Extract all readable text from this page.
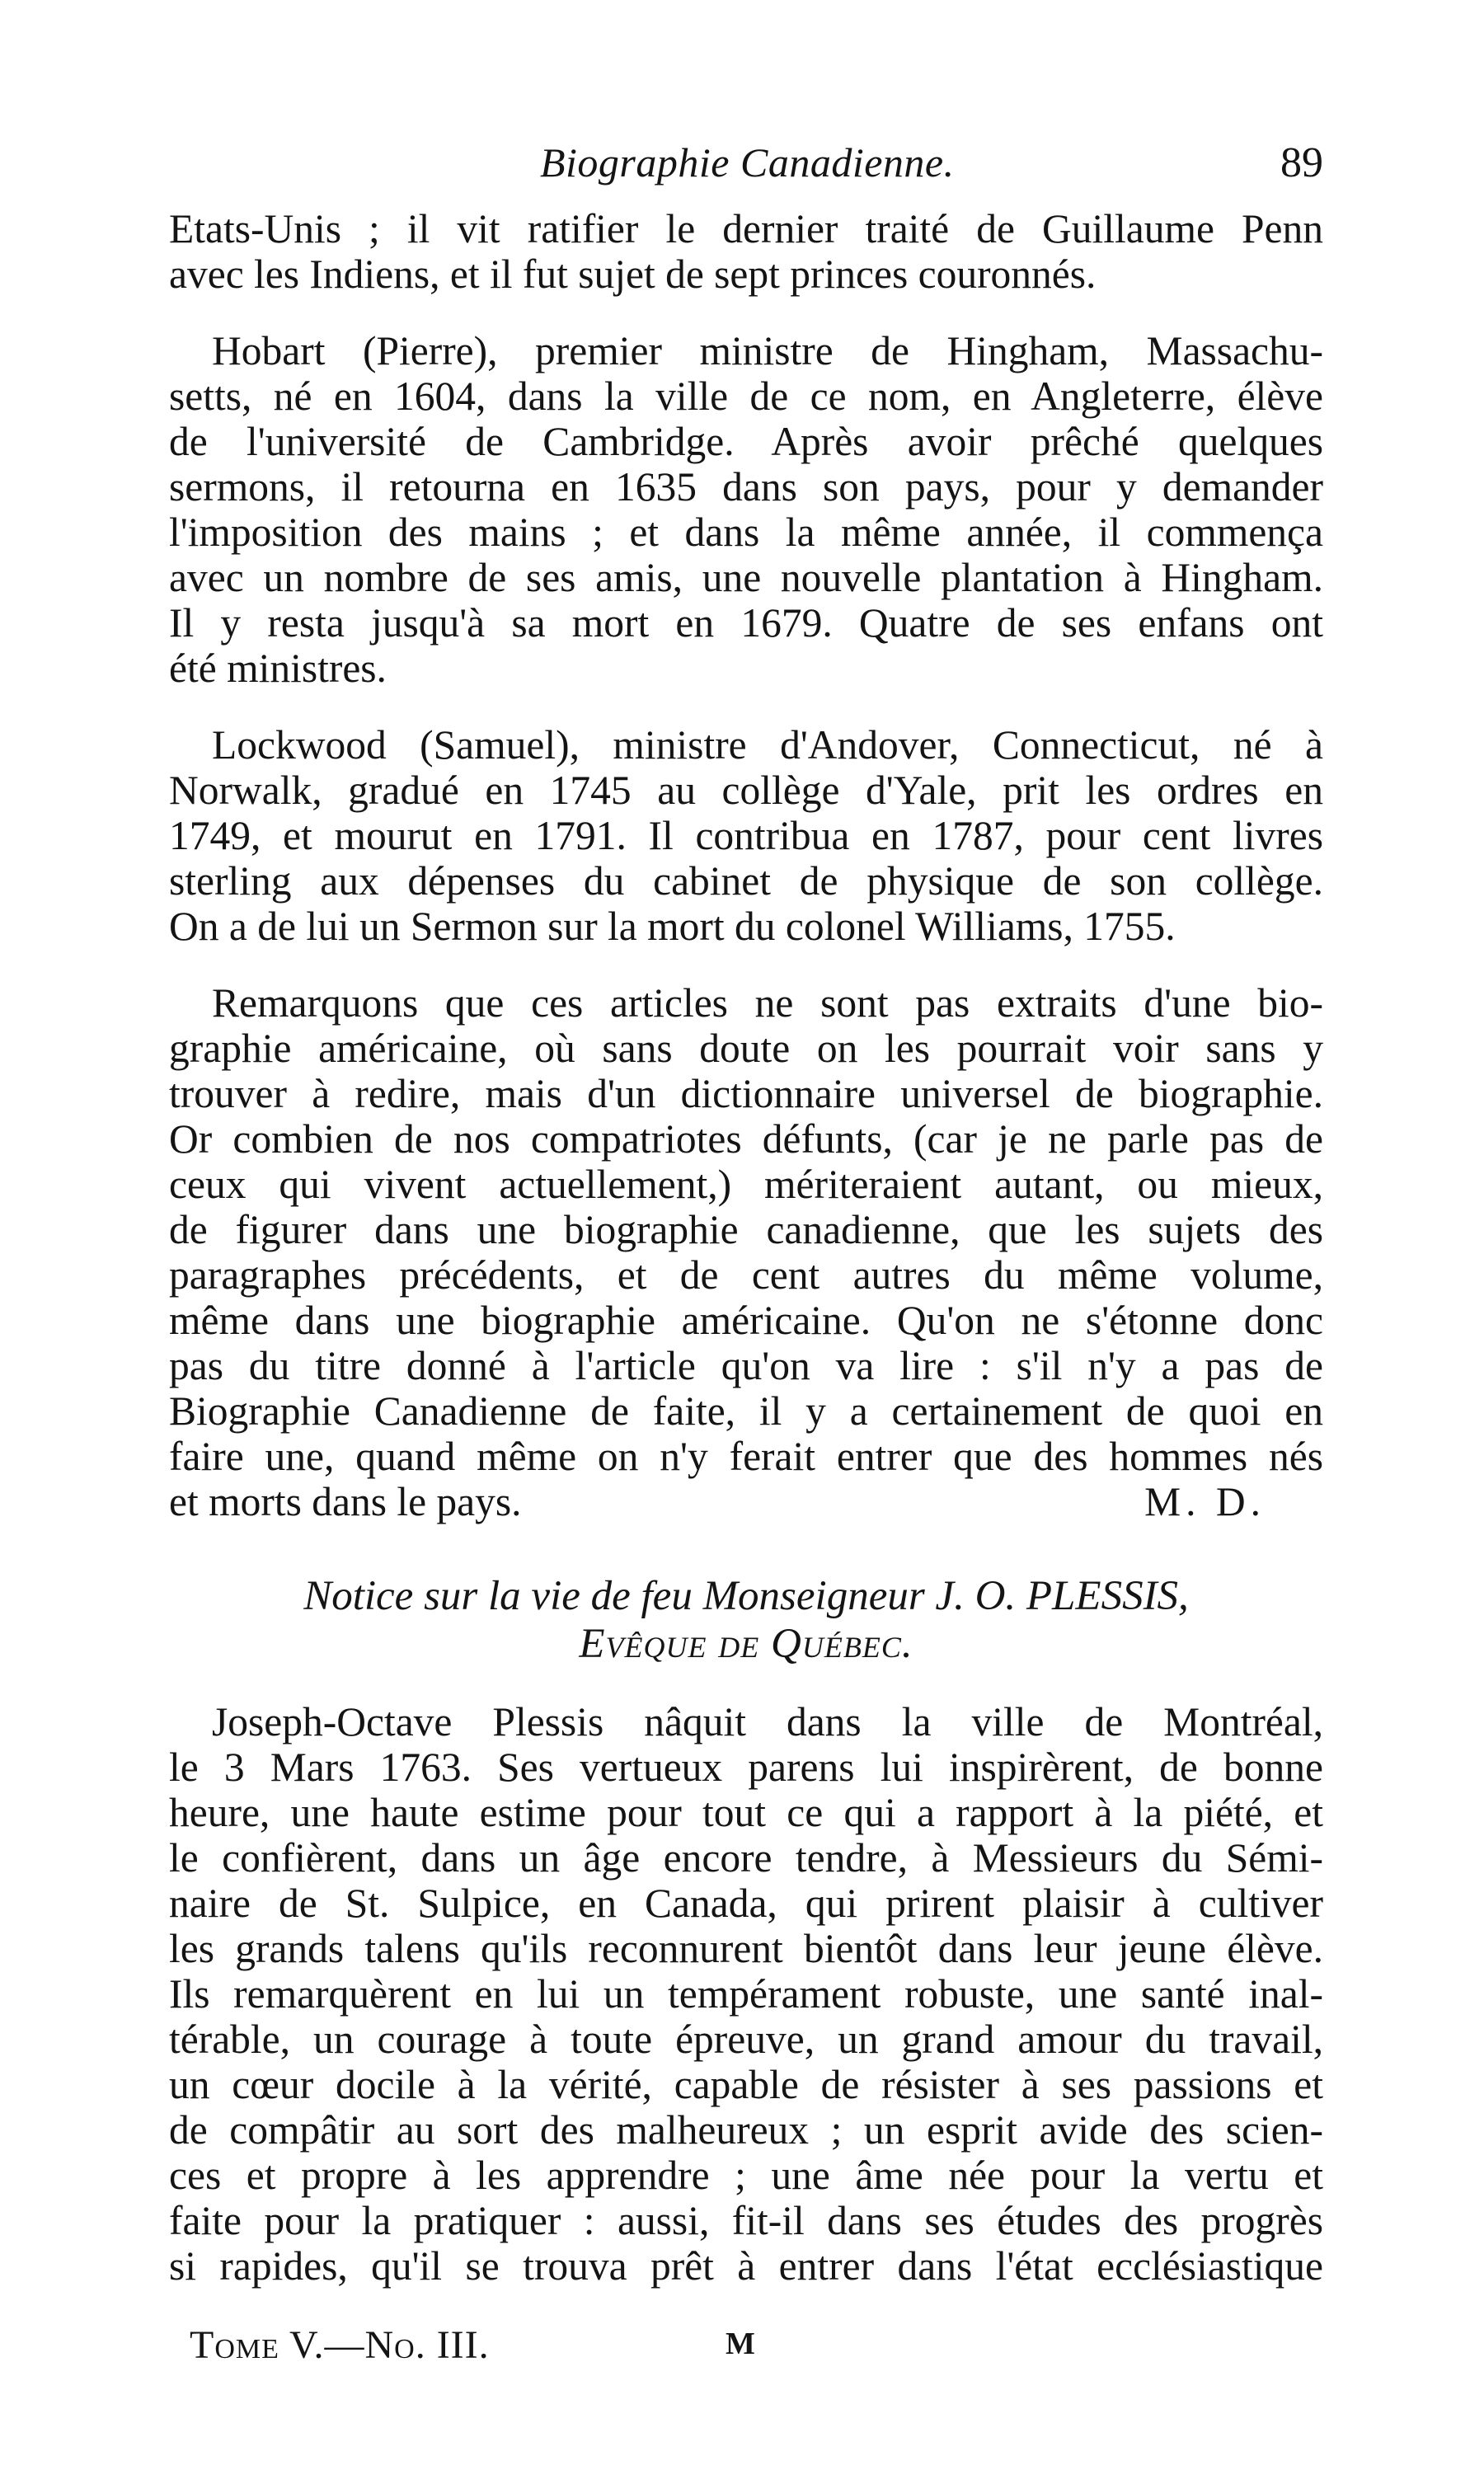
Biographie Canadienne.	89

Etats-Unis ; il vit ratifier le dernier traité de Guillaume Penn

avec les Indiens, et il fut sujet de sept princes couronnés.

Hobart (Pierre), premier ministre de Hingham, Massachu-

setts, né en 1604, dans la ville de ce nom, en Angleterre, élève

de l'université de Cambridge. Après avoir prêché quelques

sermons, il retourna en 1635 dans son pays, pour y demander

l'imposition des mains ; et dans la même année, il commença

avec un nombre de ses amis, une nouvelle plantation à Hingham.

Il y resta jusqu'à sa mort en 1679. Quatre de ses enfans ont

été ministres.

Lockwood (Samuel), ministre d'Andover, Connecticut, né à

Norwalk, gradué en 1745 au collège d'Yale, prit les ordres en

1749, et mourut en 1791. Il contribua en 1787, pour cent livres

sterling aux dépenses du cabinet de physique de son collège.

On a de lui un Sermon sur la mort du colonel Williams, 1755.

Remarquons que ces articles ne sont pas extraits d'une bio-

graphie américaine, où sans doute on les pourrait voir sans y

trouver à redire, mais d'un dictionnaire universel de biographie.

Or combien de nos compatriotes défunts, (car je ne parle pas de

ceux qui vivent actuellement,) mériteraient autant, ou mieux,

de figurer dans une biographie canadienne, que les sujets des

paragraphes précédents, et de cent autres du même volume,

même dans une biographie américaine. Qu'on ne s'étonne donc

pas du titre donné à l'article qu'on va lire : s'il n'y a pas de

Biographie Canadienne de faite, il y a certainement de quoi en

faire une, quand même on n'y ferait entrer que des hommes nés

et morts dans le pays.	M. D.

Notice sur la vie de feu Monseigneur J. O. PLESSIS,
Evêque de Québec.

Joseph-Octave Plessis nâquit dans la ville de Montréal,

le 3 Mars 1763. Ses vertueux parens lui inspirèrent, de bonne

heure, une haute estime pour tout ce qui a rapport à la piété, et

le confièrent, dans un âge encore tendre, à Messieurs du Sémi-

naire de St. Sulpice, en Canada, qui prirent plaisir à cultiver

les grands talens qu'ils reconnurent bientôt dans leur jeune élève.

Ils remarquèrent en lui un tempérament robuste, une santé inal-

térable, un courage à toute épreuve, un grand amour du travail,

un cœur docile à la vérité, capable de résister à ses passions et

de compâtir au sort des malheureux ; un esprit avide des scien-

ces et propre à les apprendre ; une âme née pour la vertu et

faite pour la pratiquer : aussi, fit-il dans ses études des progrès

si rapides, qu'il se trouva prêt à entrer dans l'état ecclésiastique

Tome V.—No. III.	M
